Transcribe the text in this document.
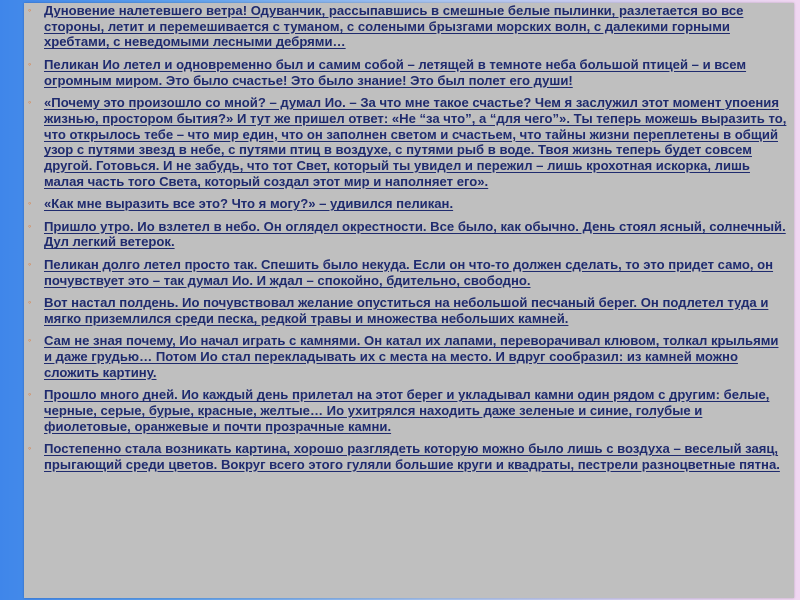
◦ Дуновение налетевшего ветра! Одуванчик, рассыпавшись в смешные белые пылинки, разлетается во все стороны, летит и перемешивается с туманом, с солеными брызгами морских волн, с далекими горными хребтами, с неведомыми лесными дебрями…

◦ Пеликан Ио летел и одновременно был и самим собой – летящей в темноте неба большой птицей – и всем огромным миром. Это было счастье! Это было знание! Это был полет его души!

◦ «Почему это произошло со мной? – думал Ио. – За что мне такое счастье? Чем я заслужил этот момент упоения жизнью, простором бытия?» И тут же пришел ответ: «Не “за что”, а “для чего”». Ты теперь можешь выразить то, что открылось тебе – что мир един, что он заполнен светом и счастьем, что тайны жизни переплетены в общий узор с путями звезд в небе, с путями птиц в воздухе, с путями рыб в воде. Твоя жизнь теперь будет совсем другой. Готовься. И не забудь, что тот Свет, который ты увидел и пережил – лишь крохотная искорка, лишь малая часть того Света, который создал этот мир и наполняет его».

◦ «Как мне выразить все это? Что я могу?» – удивился пеликан.

◦ Пришло утро. Ио взлетел в небо. Он оглядел окрестности. Все было, как обычно. День стоял ясный, солнечный. Дул легкий ветерок.

◦ Пеликан долго летел просто так. Спешить было некуда. Если он что-то должен сделать, то это придет само, он почувствует это – так думал Ио. И ждал – спокойно, бдительно, свободно.

◦ Вот настал полдень. Ио почувствовал желание опуститься на небольшой песчаный берег. Он подлетел туда и мягко приземлился среди песка, редкой травы и множества небольших камней.

◦ Сам не зная почему, Ио начал играть с камнями. Он катал их лапами, переворачивал клювом, толкал крыльями и даже грудью… Потом Ио стал перекладывать их с места на место. И вдруг сообразил: из камней можно сложить картину.

◦ Прошло много дней. Ио каждый день прилетал на этот берег и укладывал камни один рядом с другим: белые, черные, серые, бурые, красные, желтые… Ио ухитрялся находить даже зеленые и синие, голубые и фиолетовые, оранжевые и почти прозрачные камни.

◦ Постепенно стала возникать картина, хорошо разглядеть которую можно было лишь с воздуха – веселый заяц, прыгающий среди цветов. Вокруг всего этого гуляли большие круги и квадраты, пестрели разноцветные пятна.
